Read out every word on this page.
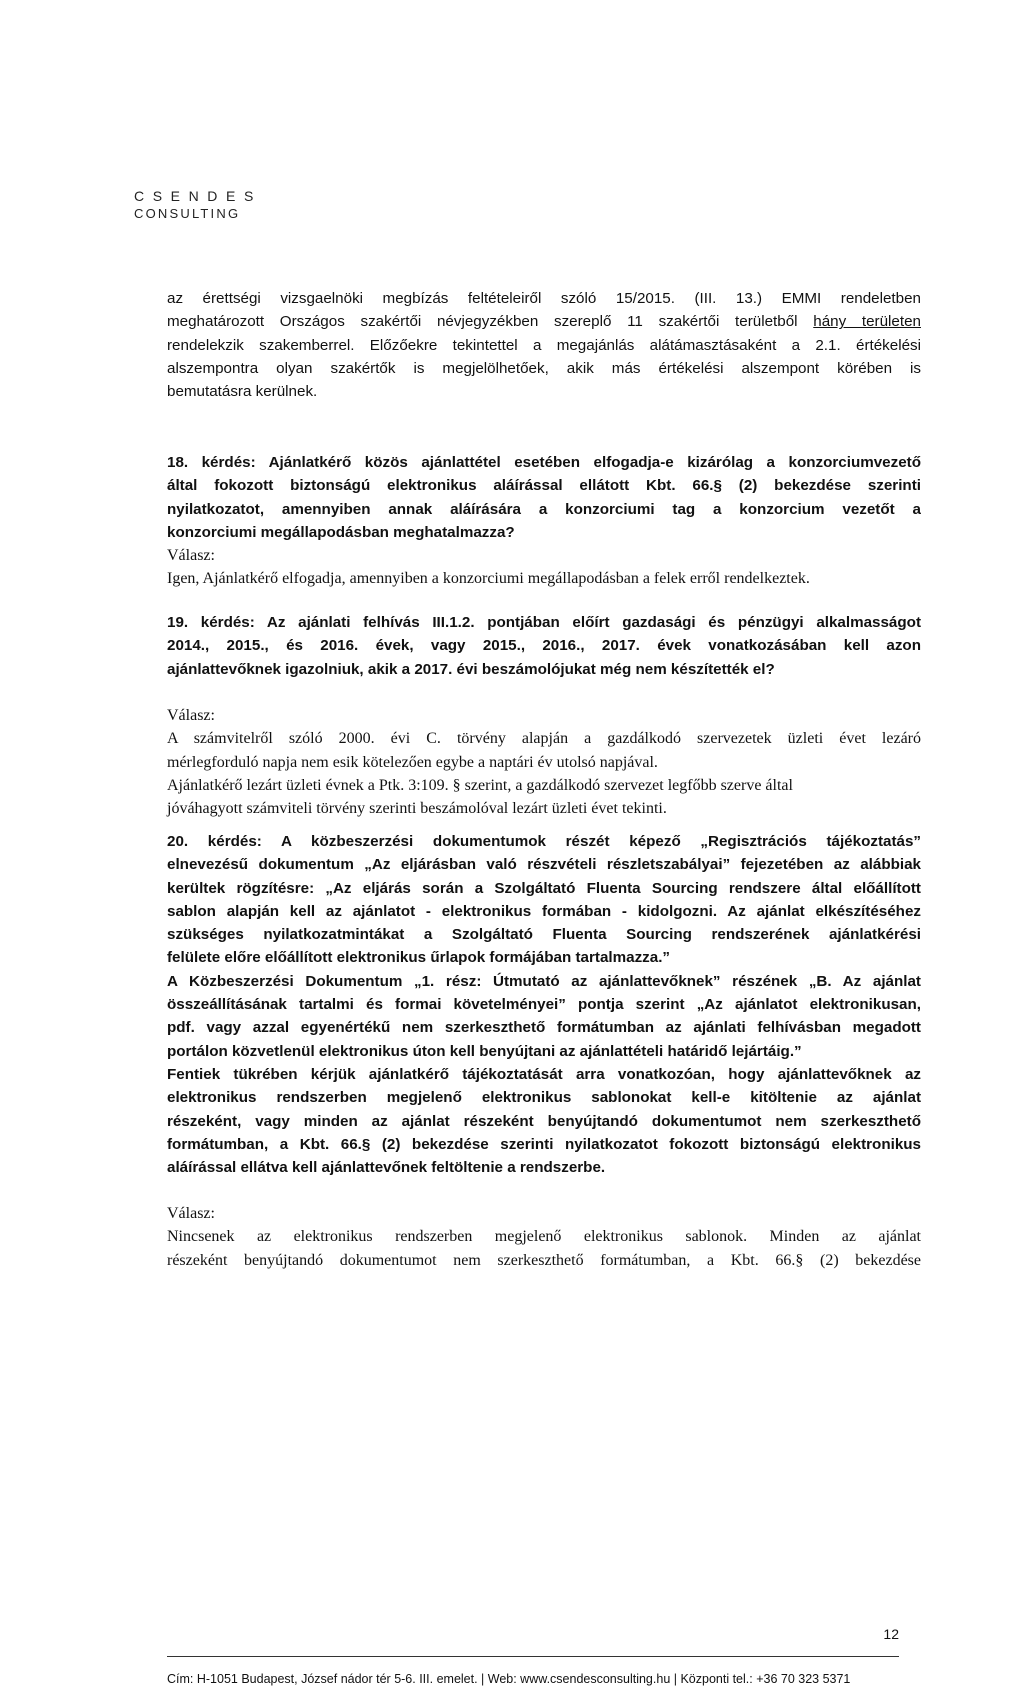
CSENDES
CONSULTING
az érettségi vizsgaelnöki megbízás feltételeiről szóló 15/2015. (III. 13.) EMMI rendeletben
meghatározott Országos szakértői névjegyzékben szereplő 11 szakértői területből hány területen
rendelekzik szakemberrel. Előzőekre tekintettel a megajánlás alátámasztásaként a 2.1. értékelési
alszempontra olyan szakértők is megjelölhetőek, akik más értékelési alszempont körében is
bemutatásra kerülnek.
18. kérdés: Ajánlatkérő közös ajánlattétel esetében elfogadja-e kizárólag a konzorciumvezető
által fokozott biztonságú elektronikus aláírással ellátott Kbt. 66.§ (2) bekezdése szerinti
nyilatkozatot, amennyiben annak aláírására a konzorciumi tag a konzorcium vezetőt a
konzorciumi megállapodásban meghatalmazza?
Válasz:
Igen, Ajánlatkérő elfogadja, amennyiben a konzorciumi megállapodásban a felek erről rendelkeztek.
19. kérdés: Az ajánlati felhívás III.1.2. pontjában előírt gazdasági és pénzügyi alkalmasságot
2014., 2015., és 2016. évek, vagy 2015., 2016., 2017. évek vonatkozásában kell azon
ajánlattevőknek igazolniuk, akik a 2017. évi beszámolójukat még nem készítették el?
Válasz:
A számvitelről szóló 2000. évi C. törvény alapján a gazdálkodó szervezetek üzleti évet lezáró
mérlegforduló napja nem esik kötelezően egybe a naptári év utolsó napjával.
Ajánlatkérő lezárt üzleti évnek a Ptk. 3:109. § szerint, a gazdálkodó szervezet legfőbb szerve által
jóváhagyott számviteli törvény szerinti beszámolóval lezárt üzleti évet tekinti.
20. kérdés: A közbeszerzési dokumentumok részét képező „Regisztrációs tájékoztatás”
elnevezésű dokumentum „Az eljárásban való részvételi részletszabályai” fejezetében az alábbiak
kerültek rögzítésre: „Az eljárás során a Szolgáltató Fluenta Sourcing rendszere által előállított
sablon alapján kell az ajánlatot - elektronikus formában - kidolgozni. Az ajánlat elkészítéséhez
szükséges nyilatkozatmintákat a Szolgáltató Fluenta Sourcing rendszerének ajánlatkérési
felülete előre előállított elektronikus űrlapok formájában tartalmazza.”
A Közbeszerzési Dokumentum „1. rész: Útmutató az ajánlattevőknek” részének „B. Az ajánlat
összeállításának tartalmi és formai követelményei” pontja szerint „Az ajánlatot elektronikusan,
pdf. vagy azzal egyenértékű nem szerkeszthető formátumban az ajánlati felhívásban megadott
portálon közvetlenül elektronikus úton kell benyújtani az ajánlattételi határidő lejártáig.”
Fentiek tükrében kérjük ajánlatkérő tájékoztatását arra vonatkozóan, hogy ajánlattevőknek az
elektronikus rendszerben megjelenő elektronikus sablonokat kell-e kitöltenie az ajánlat
részeként, vagy minden az ajánlat részeként benyújtandó dokumentumot nem szerkeszthető
formátumban, a Kbt. 66.§ (2) bekezdése szerinti nyilatkozatot fokozott biztonságú elektronikus
aláírással ellátva kell ajánlattevőnek feltöltenie a rendszerbe.
Válasz:
Nincsenek az elektronikus rendszerben megjelenő elektronikus sablonok. Minden az ajánlat
részeként benyújtandó dokumentumot nem szerkeszthető formátumban, a Kbt. 66.§ (2) bekezdése
12
Cím: H-1051 Budapest, József nádor tér 5-6. III. emelet. | Web: www.csendesconsulting.hu | Központi tel.: +36 70 323 5371
